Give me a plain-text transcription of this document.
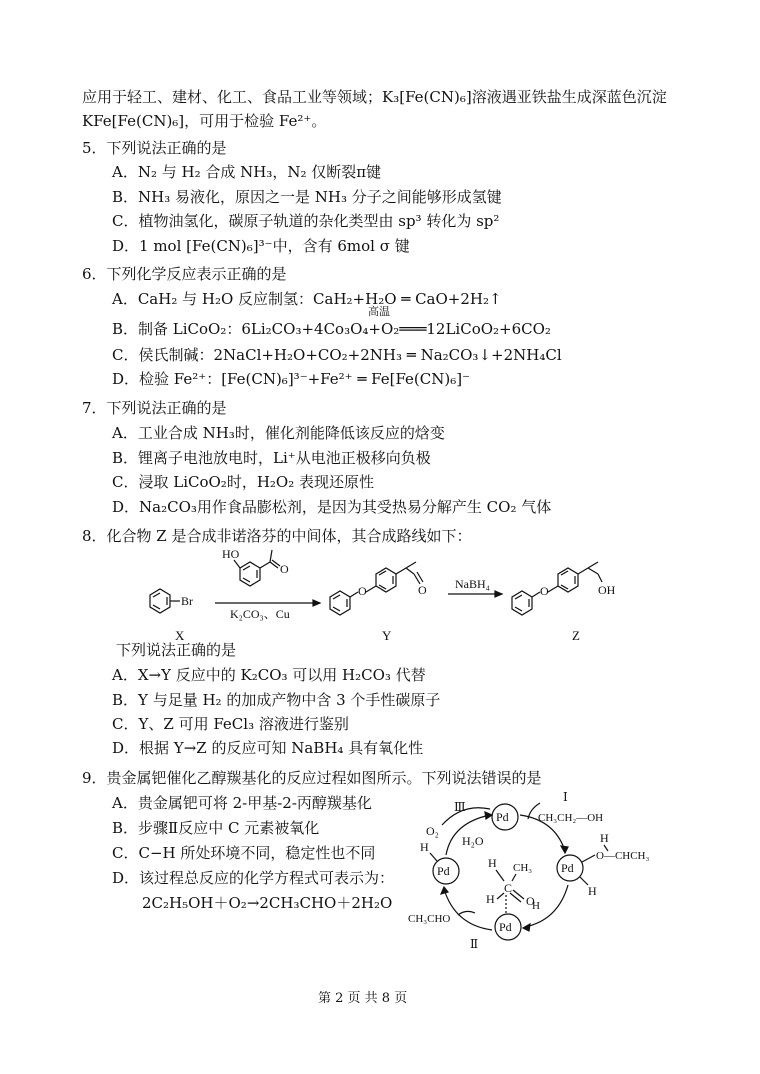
应用于轻工、建材、化工、食品工业等领域；K₃[Fe(CN)₆]溶液遇亚铁盐生成深蓝色沉淀
KFe[Fe(CN)₆]，可用于检验 Fe²⁺。
5．下列说法正确的是
A．N₂ 与 H₂ 合成 NH₃，N₂ 仅断裂π键
B．NH₃ 易液化，原因之一是 NH₃ 分子之间能够形成氢键
C．植物油氢化，碳原子轨道的杂化类型由 sp³ 转化为 sp²
D．1 mol [Fe(CN)₆]³⁻中，含有 6mol σ 键
6．下列化学反应表示正确的是
A．CaH₂ 与 H₂O 反应制氢：CaH₂+H₂O ═ CaO+2H₂↑
高温
B．制备 LiCoO₂：6Li₂CO₃+4Co₃O₄+O₂═══12LiCoO₂+6CO₂
C．侯氏制碱：2NaCl+H₂O+CO₂+2NH₃ ═ Na₂CO₃↓+2NH₄Cl
D．检验 Fe²⁺：[Fe(CN)₆]³⁻+Fe²⁺ ═ Fe[Fe(CN)₆]⁻
7．下列说法正确的是
A．工业合成 NH₃时，催化剂能降低该反应的焓变
B．锂离子电池放电时，Li⁺从电池正极移向负极
C．浸取 LiCoO₂时，H₂O₂ 表现还原性
D．Na₂CO₃用作食品膨松剂，是因为其受热易分解产生 CO₂ 气体
8．化合物 Z 是合成非诺洛芬的中间体，其合成路线如下：
Br
X
HO
O
K₂CO₃、Cu
O	O
Y
NaBH₄	O	OH
Z
下列说法正确的是
A．X→Y 反应中的 K₂CO₃ 可以用 H₂CO₃ 代替
B．Y 与足量 H₂ 的加成产物中含 3 个手性碳原子
C．Y、Z 可用 FeCl₃ 溶液进行鉴别
D．根据 Y→Z 的反应可知 NaBH₄ 具有氧化性
9．贵金属钯催化乙醇羰基化的反应过程如图所示。下列说法错误的是
A．贵金属钯可将 2-甲基-2-丙醇羰基化
B．步骤Ⅱ反应中 C 元素被氧化
C．C−H 所处环境不同，稳定性也不同
D．该过程总反应的化学方程式可表示为：
2C₂H₅OH＋O₂→2CH₃CHO＋2H₂O
Pd
Pd
Pd
Pd
O₂
H₂O
Ⅲ
Ⅰ
CH₃CH₂—OH
O—CHCH₃
H
H
H
H CH₃
C
H	O
H
CH₃CHO
Ⅱ
第 2 页 共 8 页
